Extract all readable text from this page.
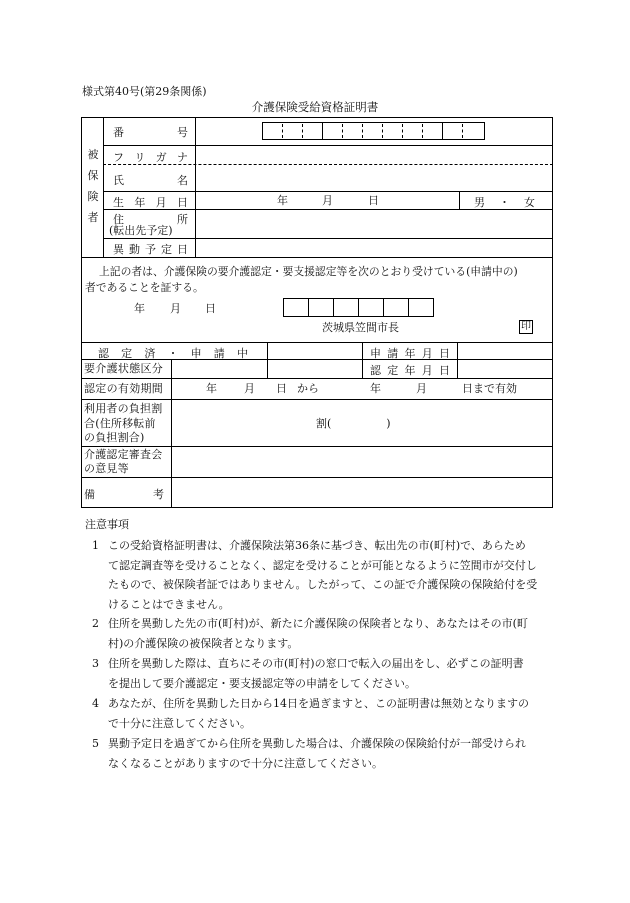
様式第40号(第29条関係)
介護保険受給資格証明書
被
保
険
者
番	号
フ リ ガ ナ
氏	名
生 年 月 日	年	月	日	男 ・ 女
住	所
(転出先予定)
異 動 予 定 日
上記の者は、介護保険の要介護認定・要支援認定等を次のとおり受けている(申請中の)
者であることを証する。
年 月 日
茨城県笠間市長	印
認 定 済 ・ 申 請 中	申 請 年 月 日
要介護状態区分	認 定 年 月 日
認定の有効期間	年 月 日 から	年	月	日まで有効
利用者の負担割
合(住所移転前
の負担割合)
割(　　　　　)
介護認定審査会
の意見等
備	考
注意事項
1 この受給資格証明書は、介護保険法第36条に基づき、転出先の市(町村)で、あらため
て認定調査等を受けることなく、認定を受けることが可能となるように笠間市が交付し
たもので、被保険者証ではありません。したがって、この証で介護保険の保険給付を受
けることはできません。
2 住所を異動した先の市(町村)が、新たに介護保険の保険者となり、あなたはその市(町
村)の介護保険の被保険者となります。
3 住所を異動した際は、直ちにその市(町村)の窓口で転入の届出をし、必ずこの証明書
を提出して要介護認定・要支援認定等の申請をしてください。
4 あなたが、住所を異動した日から14日を過ぎますと、この証明書は無効となりますの
で十分に注意してください。
5 異動予定日を過ぎてから住所を異動した場合は、介護保険の保険給付が一部受けられ
なくなることがありますので十分に注意してください。
